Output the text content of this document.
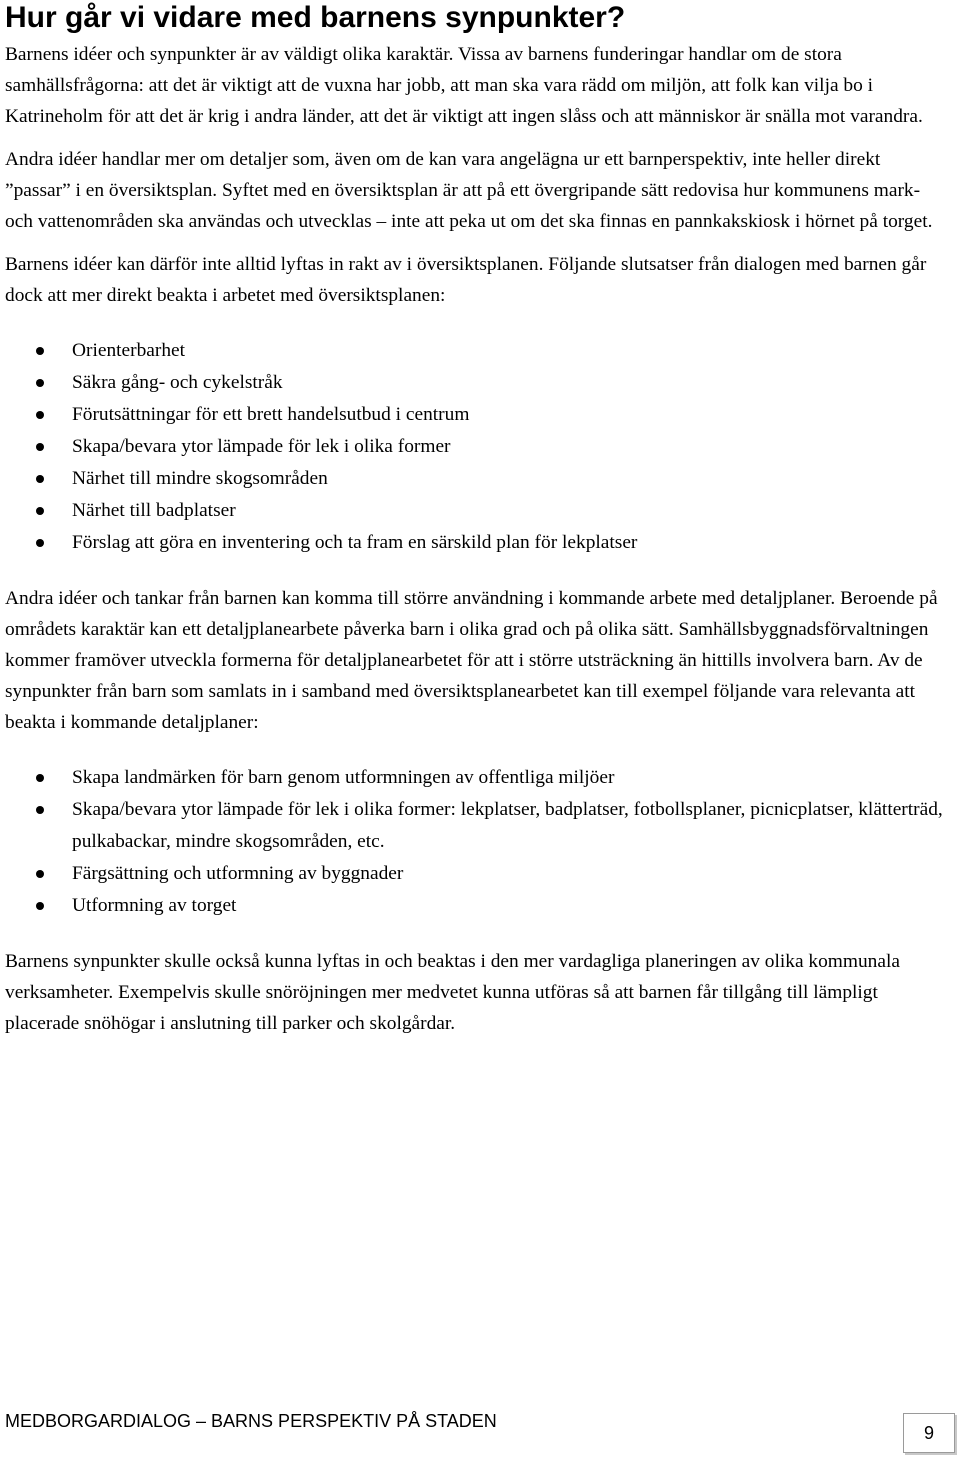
Hur går vi vidare med barnens synpunkter?

Barnens idéer och synpunkter är av väldigt olika karaktär. Vissa av barnens funderingar handlar om de stora samhällsfrågorna: att det är viktigt att de vuxna har jobb, att man ska vara rädd om miljön, att folk kan vilja bo i Katrineholm för att det är krig i andra länder, att det är viktigt att ingen slåss och att människor är snälla mot varandra.

Andra idéer handlar mer om detaljer som, även om de kan vara angelägna ur ett barnperspektiv, inte heller direkt ”passar” i en översiktsplan. Syftet med en översiktsplan är att på ett övergripande sätt redovisa hur kommunens mark- och vattenområden ska användas och utvecklas – inte att peka ut om det ska finnas en pannkakskiosk i hörnet på torget.

Barnens idéer kan därför inte alltid lyftas in rakt av i översiktsplanen. Följande slutsatser från dialogen med barnen går dock att mer direkt beakta i arbetet med översiktsplanen:

Orienterbarhet
Säkra gång- och cykelstråk
Förutsättningar för ett brett handelsutbud i centrum
Skapa/bevara ytor lämpade för lek i olika former
Närhet till mindre skogsområden
Närhet till badplatser
Förslag att göra en inventering och ta fram en särskild plan för lekplatser

Andra idéer och tankar från barnen kan komma till större användning i kommande arbete med detaljplaner. Beroende på områdets karaktär kan ett detaljplanearbete påverka barn i olika grad och på olika sätt. Samhällsbyggnadsförvaltningen kommer framöver utveckla formerna för detaljplanearbetet för att i större utsträckning än hittills involvera barn. Av de synpunkter från barn som samlats in i samband med översiktsplanearbetet kan till exempel följande vara relevanta att beakta i kommande detaljplaner:

Skapa landmärken för barn genom utformningen av offentliga miljöer
Skapa/bevara ytor lämpade för lek i olika former: lekplatser, badplatser, fotbollsplaner, picnicplatser, klätterträd, pulkabackar, mindre skogsområden, etc.
Färgsättning och utformning av byggnader
Utformning av torget

Barnens synpunkter skulle också kunna lyftas in och beaktas i den mer vardagliga planeringen av olika kommunala verksamheter. Exempelvis skulle snöröjningen mer medvetet kunna utföras så att barnen får tillgång till lämpligt placerade snöhögar i anslutning till parker och skolgårdar.

MEDBORGARDIALOG – BARNS PERSPEKTIV PÅ STADEN
9
